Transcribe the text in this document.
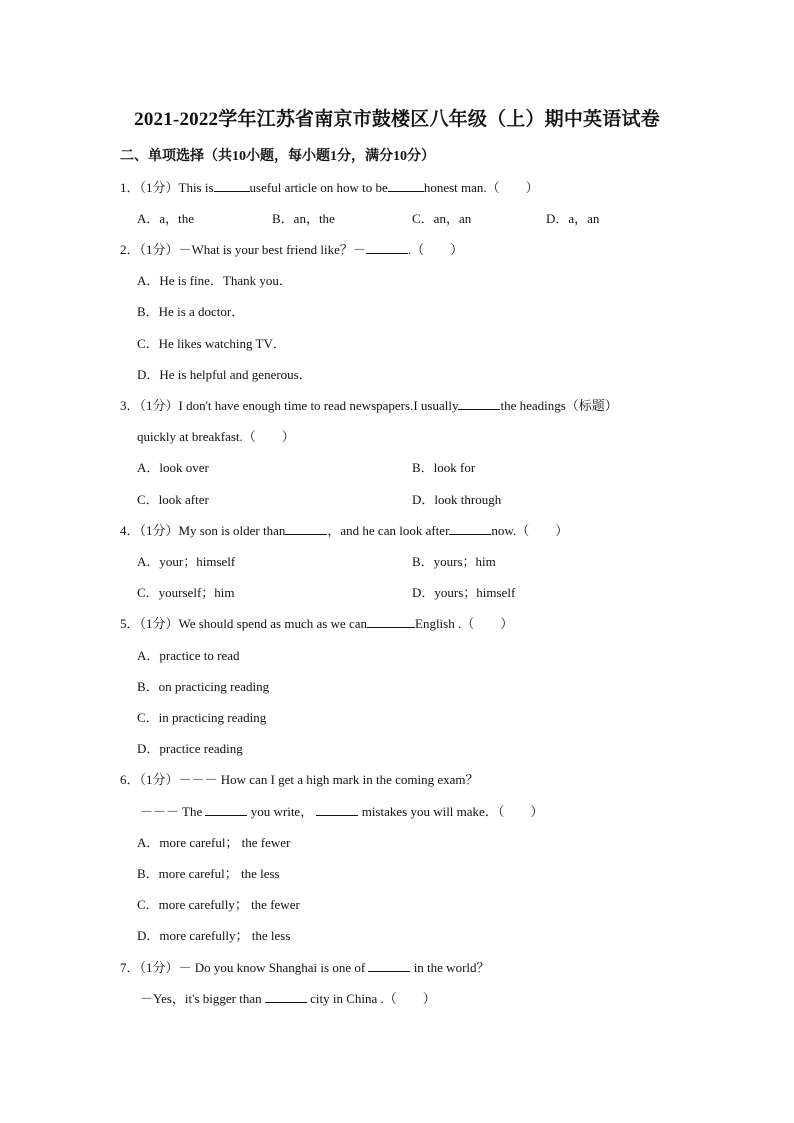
2021-2022学年江苏省南京市鼓楼区八年级（上）期中英语试卷
二、单项选择（共10小题，每小题1分，满分10分）
1．（1分）This is	useful article on how to be	honest man.（　　）
A．a，the	B．an，the	C．an，an	D．a，an
2．（1分）－What is your best friend like？－	.（　　）
A．He is fine．Thank you．
B．He is a doctor．
C．He likes watching TV．
D．He is helpful and generous．
3．（1分）I don't have enough time to read newspapers.I usually	the headings（标题）
quickly at breakfast.（　　）
A．look over	B．look for
C．look after	D．look through
4．（1分）My son is older than	，and he can look after	now.（　　）
A．your；himself	B．yours；him
C．yourself；him	D．yours；himself
5．（1分）We should spend as much as we can	English .（　　）
A．practice to read
B．on practicing reading
C．in practicing reading
D．practice reading
6．（1分）－－－ How can I get a high mark in the coming exam？
－－－ The	you write，	mistakes you will make．（　　）
A．more careful； the fewer
B．more careful； the less
C．more carefully； the fewer
D．more carefully； the less
7．（1分）－ Do you know Shanghai is one of	in the world？
－Yes，it's bigger than	city in China .（　　）
